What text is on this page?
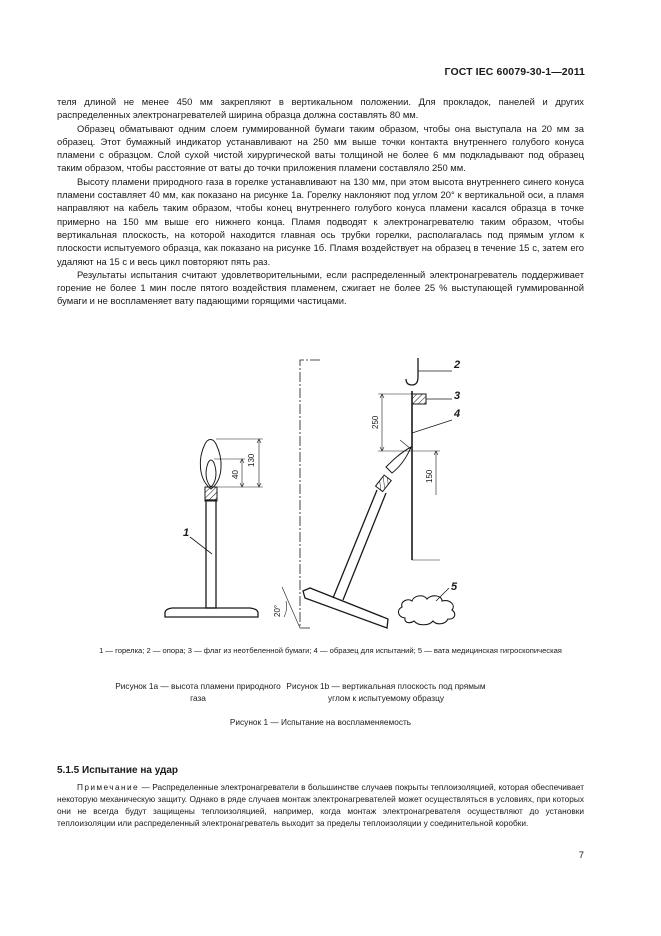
ГОСТ IEC 60079-30-1—2011

теля длиной не менее 450 мм закрепляют в вертикальном положении. Для прокладок, панелей и других распределенных электронагревателей ширина образца должна составлять 80 мм.

Образец обматывают одним слоем гуммированной бумаги таким образом, чтобы она выступала на 20 мм за образец. Этот бумажный индикатор устанавливают на 250 мм выше точки контакта внутреннего голубого конуса пламени с образцом. Слой сухой чистой хирургической ваты толщиной не более 6 мм подкладывают под образец таким образом, чтобы расстояние от ваты до точки приложения пламени составляло 250 мм.

Высоту пламени природного газа в горелке устанавливают на 130 мм, при этом высота внутреннего синего конуса пламени составляет 40 мм, как показано на рисунке 1а. Горелку наклоняют под углом 20° к вертикальной оси, а пламя направляют на кабель таким образом, чтобы конец внутреннего голубого конуса пламени касался образца в точке примерно на 150 мм выше его нижнего конца. Пламя подводят к электронагревателю таким образом, чтобы вертикальная плоскость, на которой находится главная ось трубки горелки, располагалась под прямым углом к плоскости испытуемого образца, как показано на рисунке 1б. Пламя воздействует на образец в течение 15 с, затем его удаляют на 15 с и весь цикл повторяют пять раз.

Результаты испытания считают удовлетворительными, если распределенный электронагреватель поддерживает горение не более 1 мин после пятого воздействия пламенем, сжигает не более 25 % выступающей гуммированной бумаги и не воспламеняет вату падающими горящими частицами.

130
40
250
150
20°
1
2
3
4
5
1 — горелка; 2 — опора; 3 — флаг из неотбеленной бумаги; 4 — образец для испытаний; 5 — вата медицинская гигроскопическая
Рисунок 1а — высота пламени природного газа
Рисунок 1b — вертикальная плоскость под прямым углом к испытуемому образцу
Рисунок 1 — Испытание на воспламеняемость
5.1.5 Испытание на удар
Примечание — Распределенные электронагреватели в большинстве случаев покрыты теплоизоляцией, которая обеспечивает некоторую механическую защиту. Однако в ряде случаев монтаж электронагревателей может осуществляться в условиях, при которых они не всегда будут защищены теплоизоляцией, например, когда монтаж электронагревателя осуществляют до установки теплоизоляции или распределенный электронагреватель выходит за пределы теплоизоляции у соединительной коробки.
7
